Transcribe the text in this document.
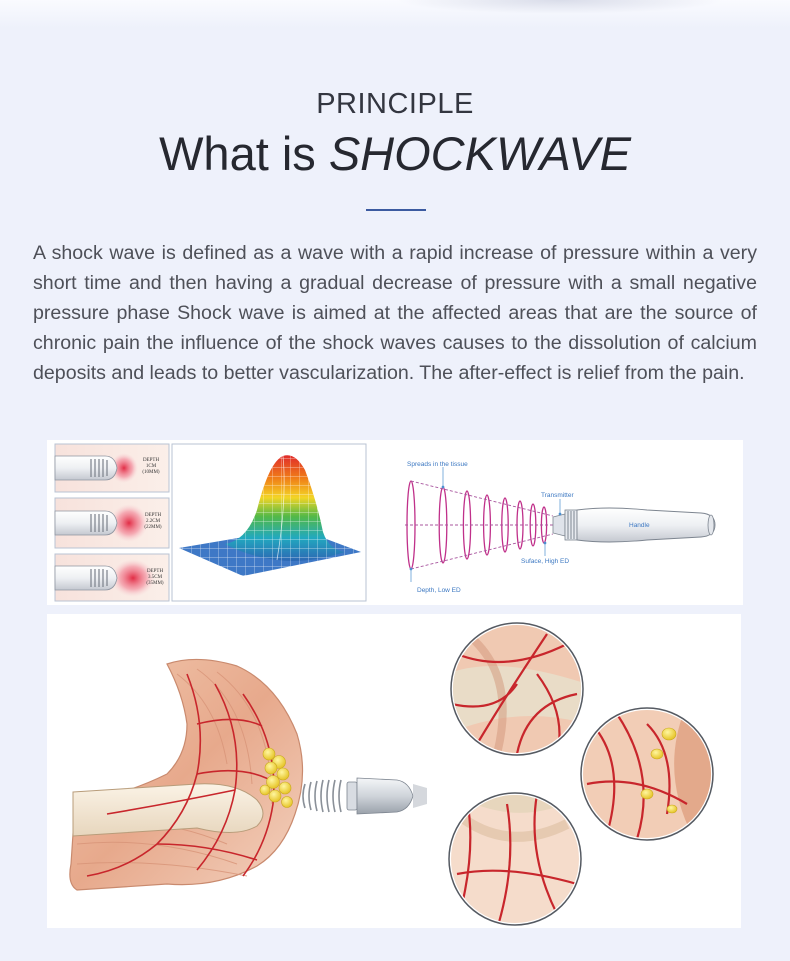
PRINCIPLE
What is SHOCKWAVE

A shock wave is defined as a wave with a rapid increase of pressure within a very short time and then having a gradual decrease of pressure with a small negative pressure phase Shock wave is aimed at the affected areas that are the source of chronic pain the influence of the shock waves causes to the dissolution of calcium deposits and leads to better vascularization. The after-effect is relief from the pain.

DEPTH
1CM
(10MM)
DEPTH
2.2CM
(22MM)
DEPTH
3.5CM
(35MM)
Spreads in the tissue
Transmitter
Handle
Suface, High ED
Depth, Low ED
